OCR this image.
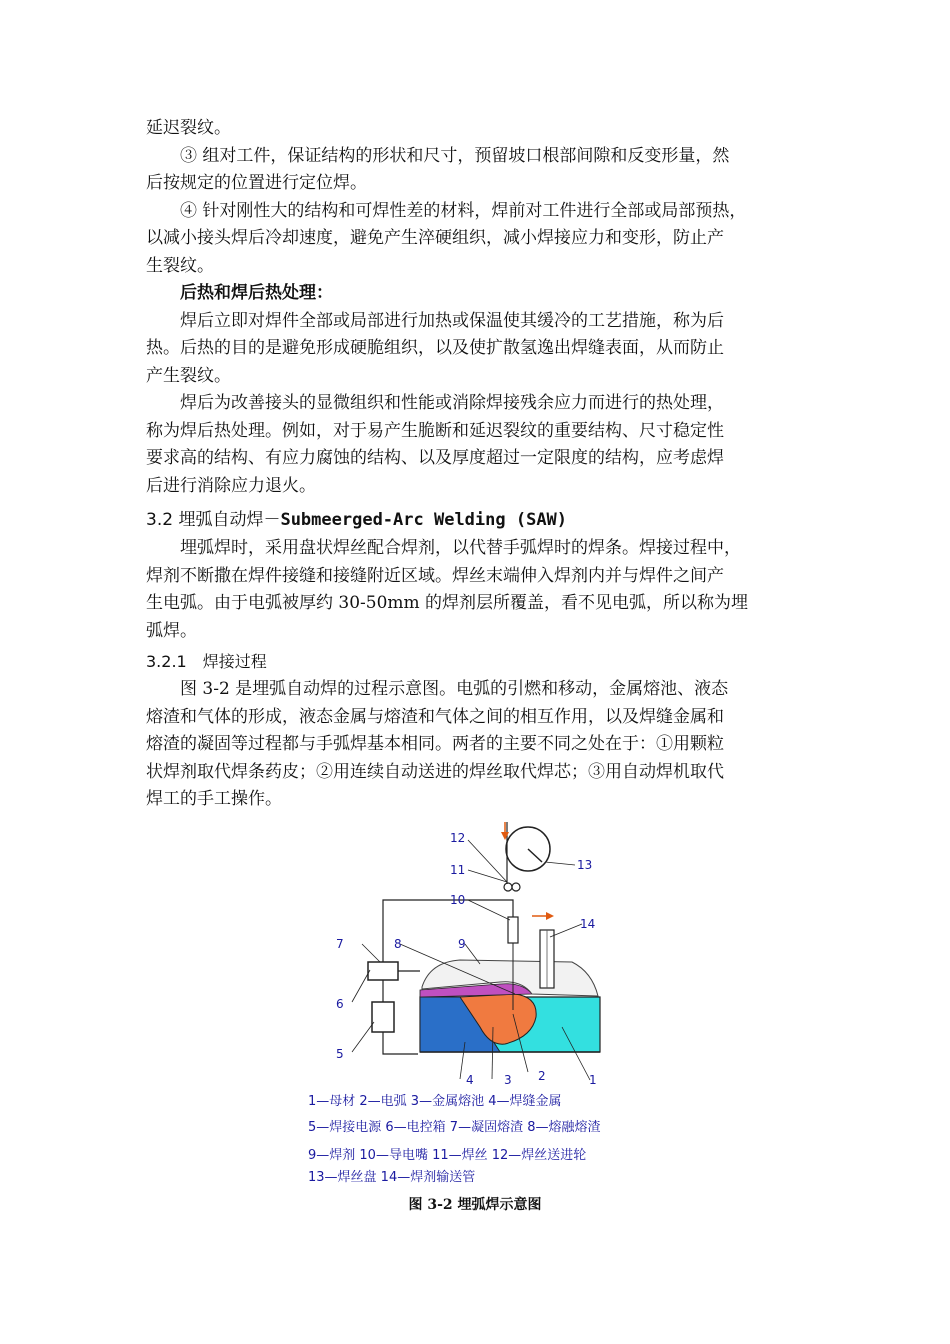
延迟裂纹。
③ 组对工件，保证结构的形状和尺寸，预留坡口根部间隙和反变形量，然
后按规定的位置进行定位焊。
④ 针对刚性大的结构和可焊性差的材料，焊前对工件进行全部或局部预热，
以减小接头焊后冷却速度，避免产生淬硬组织，减小焊接应力和变形，防止产
生裂纹。
后热和焊后热处理：
焊后立即对焊件全部或局部进行加热或保温使其缓冷的工艺措施，称为后
热。后热的目的是避免形成硬脆组织，以及使扩散氢逸出焊缝表面，从而防止
产生裂纹。
焊后为改善接头的显微组织和性能或消除焊接残余应力而进行的热处理，
称为焊后热处理。例如，对于易产生脆断和延迟裂纹的重要结构、尺寸稳定性
要求高的结构、有应力腐蚀的结构、以及厚度超过一定限度的结构，应考虑焊
后进行消除应力退火。
3.2 埋弧自动焊－Submeerged-Arc Welding (SAW)
埋弧焊时，采用盘状焊丝配合焊剂，以代替手弧焊时的焊条。焊接过程中，
焊剂不断撒在焊件接缝和接缝附近区域。焊丝末端伸入焊剂内并与焊件之间产
生电弧。由于电弧被厚约 30-50mm 的焊剂层所覆盖，看不见电弧，所以称为埋
弧焊。
3.2.1　焊接过程
图 3-2 是埋弧自动焊的过程示意图。电弧的引燃和移动，金属熔池、液态
熔渣和气体的形成，液态金属与熔渣和气体之间的相互作用，以及焊缝金属和
熔渣的凝固等过程都与手弧焊基本相同。两者的主要不同之处在于：①用颗粒
状焊剂取代焊条药皮；②用连续自动送进的焊丝取代焊芯；③用自动焊机取代
焊工的手工操作。
12
11
10
13
14
7	8	9
6
5
4	3 2	1
1—母材 2—电弧 3—金属熔池 4—焊缝金属
5—焊接电源 6—电控箱 7—凝固熔渣 8—熔融熔渣
9—焊剂 10—导电嘴 11—焊丝 12—焊丝送进轮
13—焊丝盘 14—焊剂输送管
图 3-2 埋弧焊示意图
